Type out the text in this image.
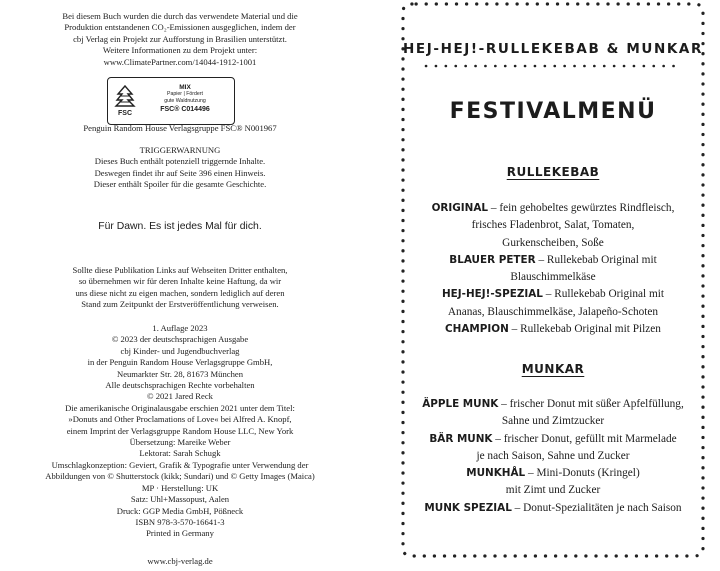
Bei diesem Buch wurden die durch das verwendete Material und die

Produktion entstandenen CO₂-Emissionen ausgeglichen, indem der

cbj Verlag ein Projekt zur Aufforstung in Brasilien unterstützt.

Weitere Informationen zu dem Projekt unter:

www.ClimatePartner.com/14044-1912-1001

FSC
MIX
Papier | Fördert
gute Waldnutzung
FSC® C014496

Penguin Random House Verlagsgruppe FSC® N001967

TRIGGERWARNUNG

Dieses Buch enthält potenziell triggernde Inhalte.

Deswegen findet ihr auf Seite 396 einen Hinweis.

Dieser enthält Spoiler für die gesamte Geschichte.

Für Dawn. Es ist jedes Mal für dich.

Sollte diese Publikation Links auf Webseiten Dritter enthalten,

so übernehmen wir für deren Inhalte keine Haftung, da wir

uns diese nicht zu eigen machen, sondern lediglich auf deren

Stand zum Zeitpunkt der Erstveröffentlichung verweisen.

1. Auflage 2023

© 2023 der deutschsprachigen Ausgabe

cbj Kinder- und Jugendbuchverlag

in der Penguin Random House Verlagsgruppe GmbH,

Neumarkter Str. 28, 81673 München

Alle deutschsprachigen Rechte vorbehalten

© 2021 Jared Reck

Die amerikanische Originalausgabe erschien 2021 unter dem Titel:

»Donuts and Other Proclamations of Love« bei Alfred A. Knopf,

einem Imprint der Verlagsgruppe Random House LLC, New York

Übersetzung: Mareike Weber

Lektorat: Sarah Schugk

Umschlagkonzeption: Geviert, Grafik & Typografie unter Verwendung der

Abbildungen von © Shutterstock (kikk; Sundari) und © Getty Images (Maica)

MP · Herstellung: UK

Satz: Uhl+Massopust, Aalen

Druck: GGP Media GmbH, Pößneck

ISBN 978-3-570-16641-3

Printed in Germany

www.cbj-verlag.de

HEJ-HEJ!-RULLEKEBAB & MUNKAR
FESTIVALMENÜ
RULLEKEBAB
ORIGINAL – fein gehobeltes gewürztes Rindfleisch,
frisches Fladenbrot, Salat, Tomaten,
Gurkenscheiben, Soße
BLAUER PETER – Rullekebab Original mit
Blauschimmelkäse
HEJ-HEJ!-SPEZIAL – Rullekebab Original mit
Ananas, Blauschimmelkäse, Jalapeño-Schoten
CHAMPION – Rullekebab Original mit Pilzen
MUNKAR
ÄPPLE MUNK – frischer Donut mit süßer Apfelfüllung,
Sahne und Zimtzucker
BÄR MUNK – frischer Donut, gefüllt mit Marmelade
je nach Saison, Sahne und Zucker
MUNKHÅL – Mini-Donuts (Kringel)
mit Zimt und Zucker
MUNK SPEZIAL – Donut-Spezialitäten je nach Saison
